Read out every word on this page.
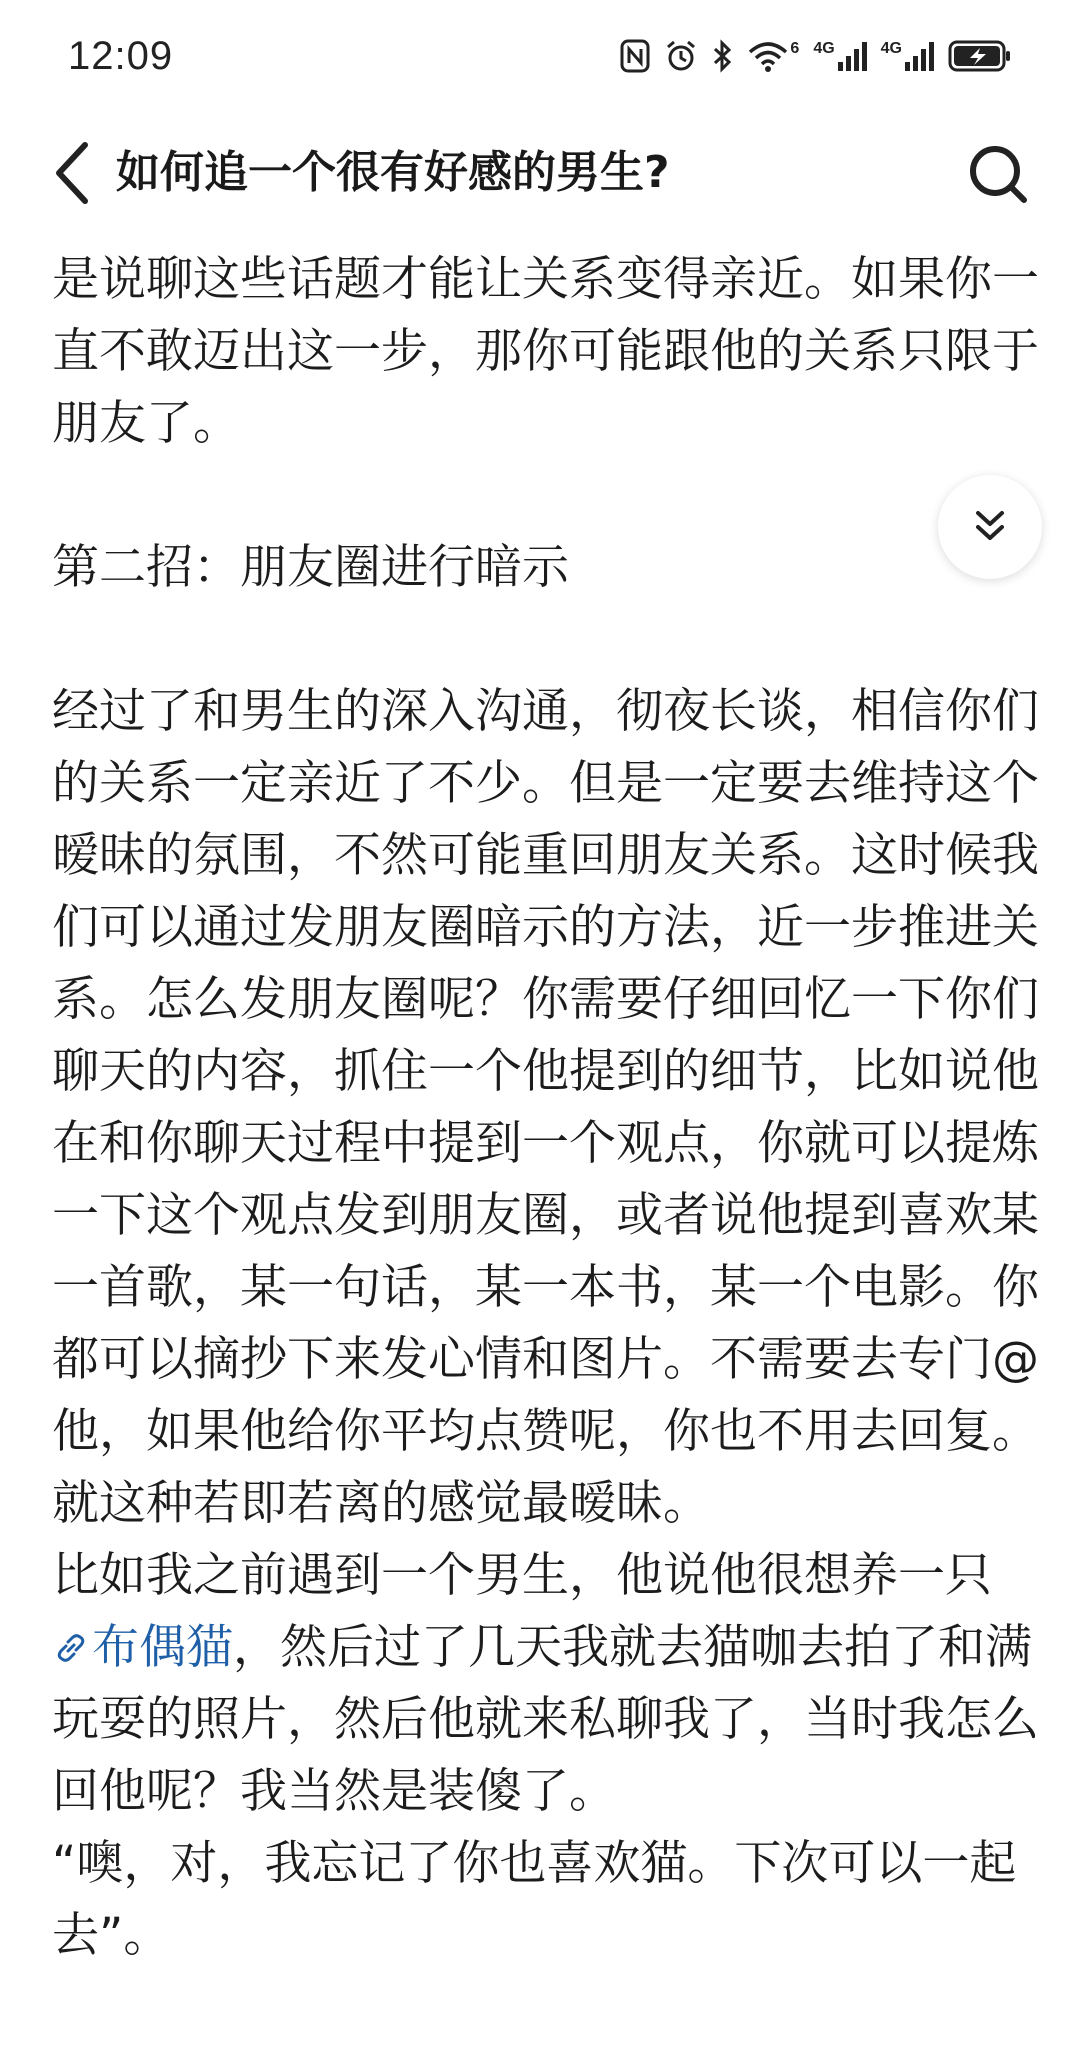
12:09	6 4G	4G
如何追一个很有好感的男生?

是说聊这些话题才能让关系变得亲近。如果你一直不敢迈出这一步，那你可能跟他的关系只限于朋友了。

第二招：朋友圈进行暗示

经过了和男生的深入沟通，彻夜长谈，相信你们的关系一定亲近了不少。但是一定要去维持这个暧昧的氛围，不然可能重回朋友关系。这时候我们可以通过发朋友圈暗示的方法，近一步推进关系。怎么发朋友圈呢？你需要仔细回忆一下你们聊天的内容，抓住一个他提到的细节，比如说他在和你聊天过程中提到一个观点，你就可以提炼一下这个观点发到朋友圈，或者说他提到喜欢某一首歌，某一句话，某一本书，某一个电影。你都可以摘抄下来发心情和图片。不需要去专门@他，如果他给你平均点赞呢，你也不用去回复。就这种若即若离的感觉最暧昧。

比如我之前遇到一个男生，他说他很想养一只布偶猫，然后过了几天我就去猫咖去拍了和满玩耍的照片，然后他就来私聊我了，当时我怎么回他呢？我当然是装傻了。

“噢，对，我忘记了你也喜欢猫。下次可以一起去”。
